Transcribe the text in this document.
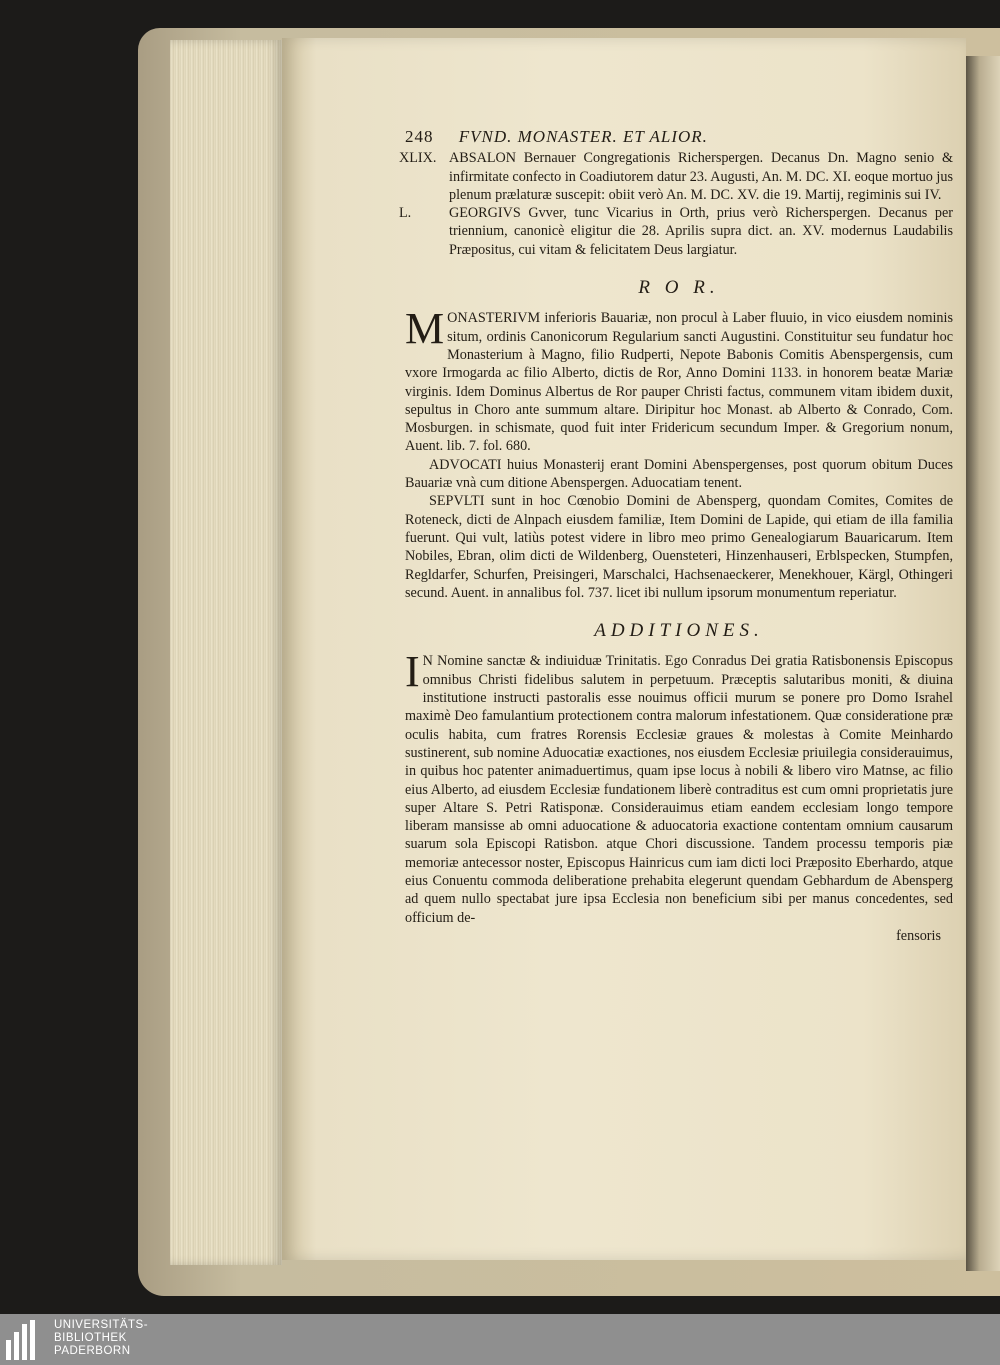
248 FVND. MONASTER. ET ALIOR.
XLIX. ABSALON Bernauer Congregationis Richerspergen. Decanus Dn. Magno senio & infirmitate confecto in Coadiutorem datur 23. Augusti, An. M. DC. XI. eoque mortuo jus plenum prælaturæ suscepit: obiit verò An. M. DC. XV. die 19. Martij, regiminis sui IV.
L.	GEORGIVS Gvver, tunc Vicarius in Orth, prius verò Richerspergen. Decanus per triennium, canonicè eligitur die 28. Aprilis supra dict. an. XV. modernus Laudabilis Præpositus, cui vitam & felicitatem Deus largiatur.
R O R.
MONASTERIVM inferioris Bauariæ, non procul à Laber fluuio, in vico eiusdem nominis situm, ordinis Canonicorum Regularium sancti Augustini. Constituitur seu fundatur hoc Monasterium à Magno, filio Rudperti, Nepote Babonis Comitis Abenspergensis, cum vxore Irmogarda ac filio Alberto, dictis de Ror, Anno Domini 1133. in honorem beatæ Mariæ virginis. Idem Dominus Albertus de Ror pauper Christi factus, communem vitam ibidem duxit, sepultus in Choro ante summum altare. Diripitur hoc Monast. ab Alberto & Conrado, Com. Mosburgen. in schismate, quod fuit inter Fridericum secundum Imper. & Gregorium nonum, Auent. lib. 7. fol. 680.
ADVOCATI huius Monasterij erant Domini Abenspergenses, post quorum obitum Duces Bauariæ vnà cum ditione Abenspergen. Aduocatiam tenent.
SEPVLTI sunt in hoc Cœnobio Domini de Abensperg, quondam Comites, Comites de Roteneck, dicti de Alnpach eiusdem familiæ, Item Domini de Lapide, qui etiam de illa familia fuerunt. Qui vult, latiùs potest videre in libro meo primo Genealogiarum Bauaricarum. Item Nobiles, Ebran, olim dicti de Wildenberg, Ouensteteri, Hinzenhauseri, Erblspecken, Stumpfen, Regldarfer, Schurfen, Preisingeri, Marschalci, Hachsenaeckerer, Menekhouer, Kärgl, Othingeri secund. Auent. in annalibus fol. 737. licet ibi nullum ipsorum monumentum reperiatur.
ADDITIONES.
IN Nomine sanctæ & indiuiduæ Trinitatis. Ego Conradus Dei gratia Ratisbonensis Episcopus omnibus Christi fidelibus salutem in perpetuum. Præceptis salutaribus moniti, & diuina institutione instructi pastoralis esse nouimus officii murum se ponere pro Domo Israhel maximè Deo famulantium protectionem contra malorum infestationem. Quæ consideratione præ oculis habita, cum fratres Rorensis Ecclesiæ graues & molestas à Comite Meinhardo sustinerent, sub nomine Aduocatiæ exactiones, nos eiusdem Ecclesiæ priuilegia considerauimus, in quibus hoc patenter animaduertimus, quam ipse locus à nobili & libero viro Matnse, ac filio eius Alberto, ad eiusdem Ecclesiæ fundationem liberè contraditus est cum omni proprietatis jure super Altare S. Petri Ratisponæ. Considerauimus etiam eandem ecclesiam longo tempore liberam mansisse ab omni aduocatione & aduocatoria exactione contentam omnium causarum suarum sola Episcopi Ratisbon. atque Chori discussione. Tandem processu temporis piæ memoriæ antecessor noster, Episcopus Hainricus cum iam dicti loci Præposito Eberhardo, atque eius Conuentu commoda deliberatione prehabita elegerunt quendam Gebhardum de Abensperg ad quem nullo spectabat jure ipsa Ecclesia non beneficium sibi per manus concedentes, sed officium de-
fensoris
UNIVERSITÄTS-
BIBLIOTHEK
PADERBORN
